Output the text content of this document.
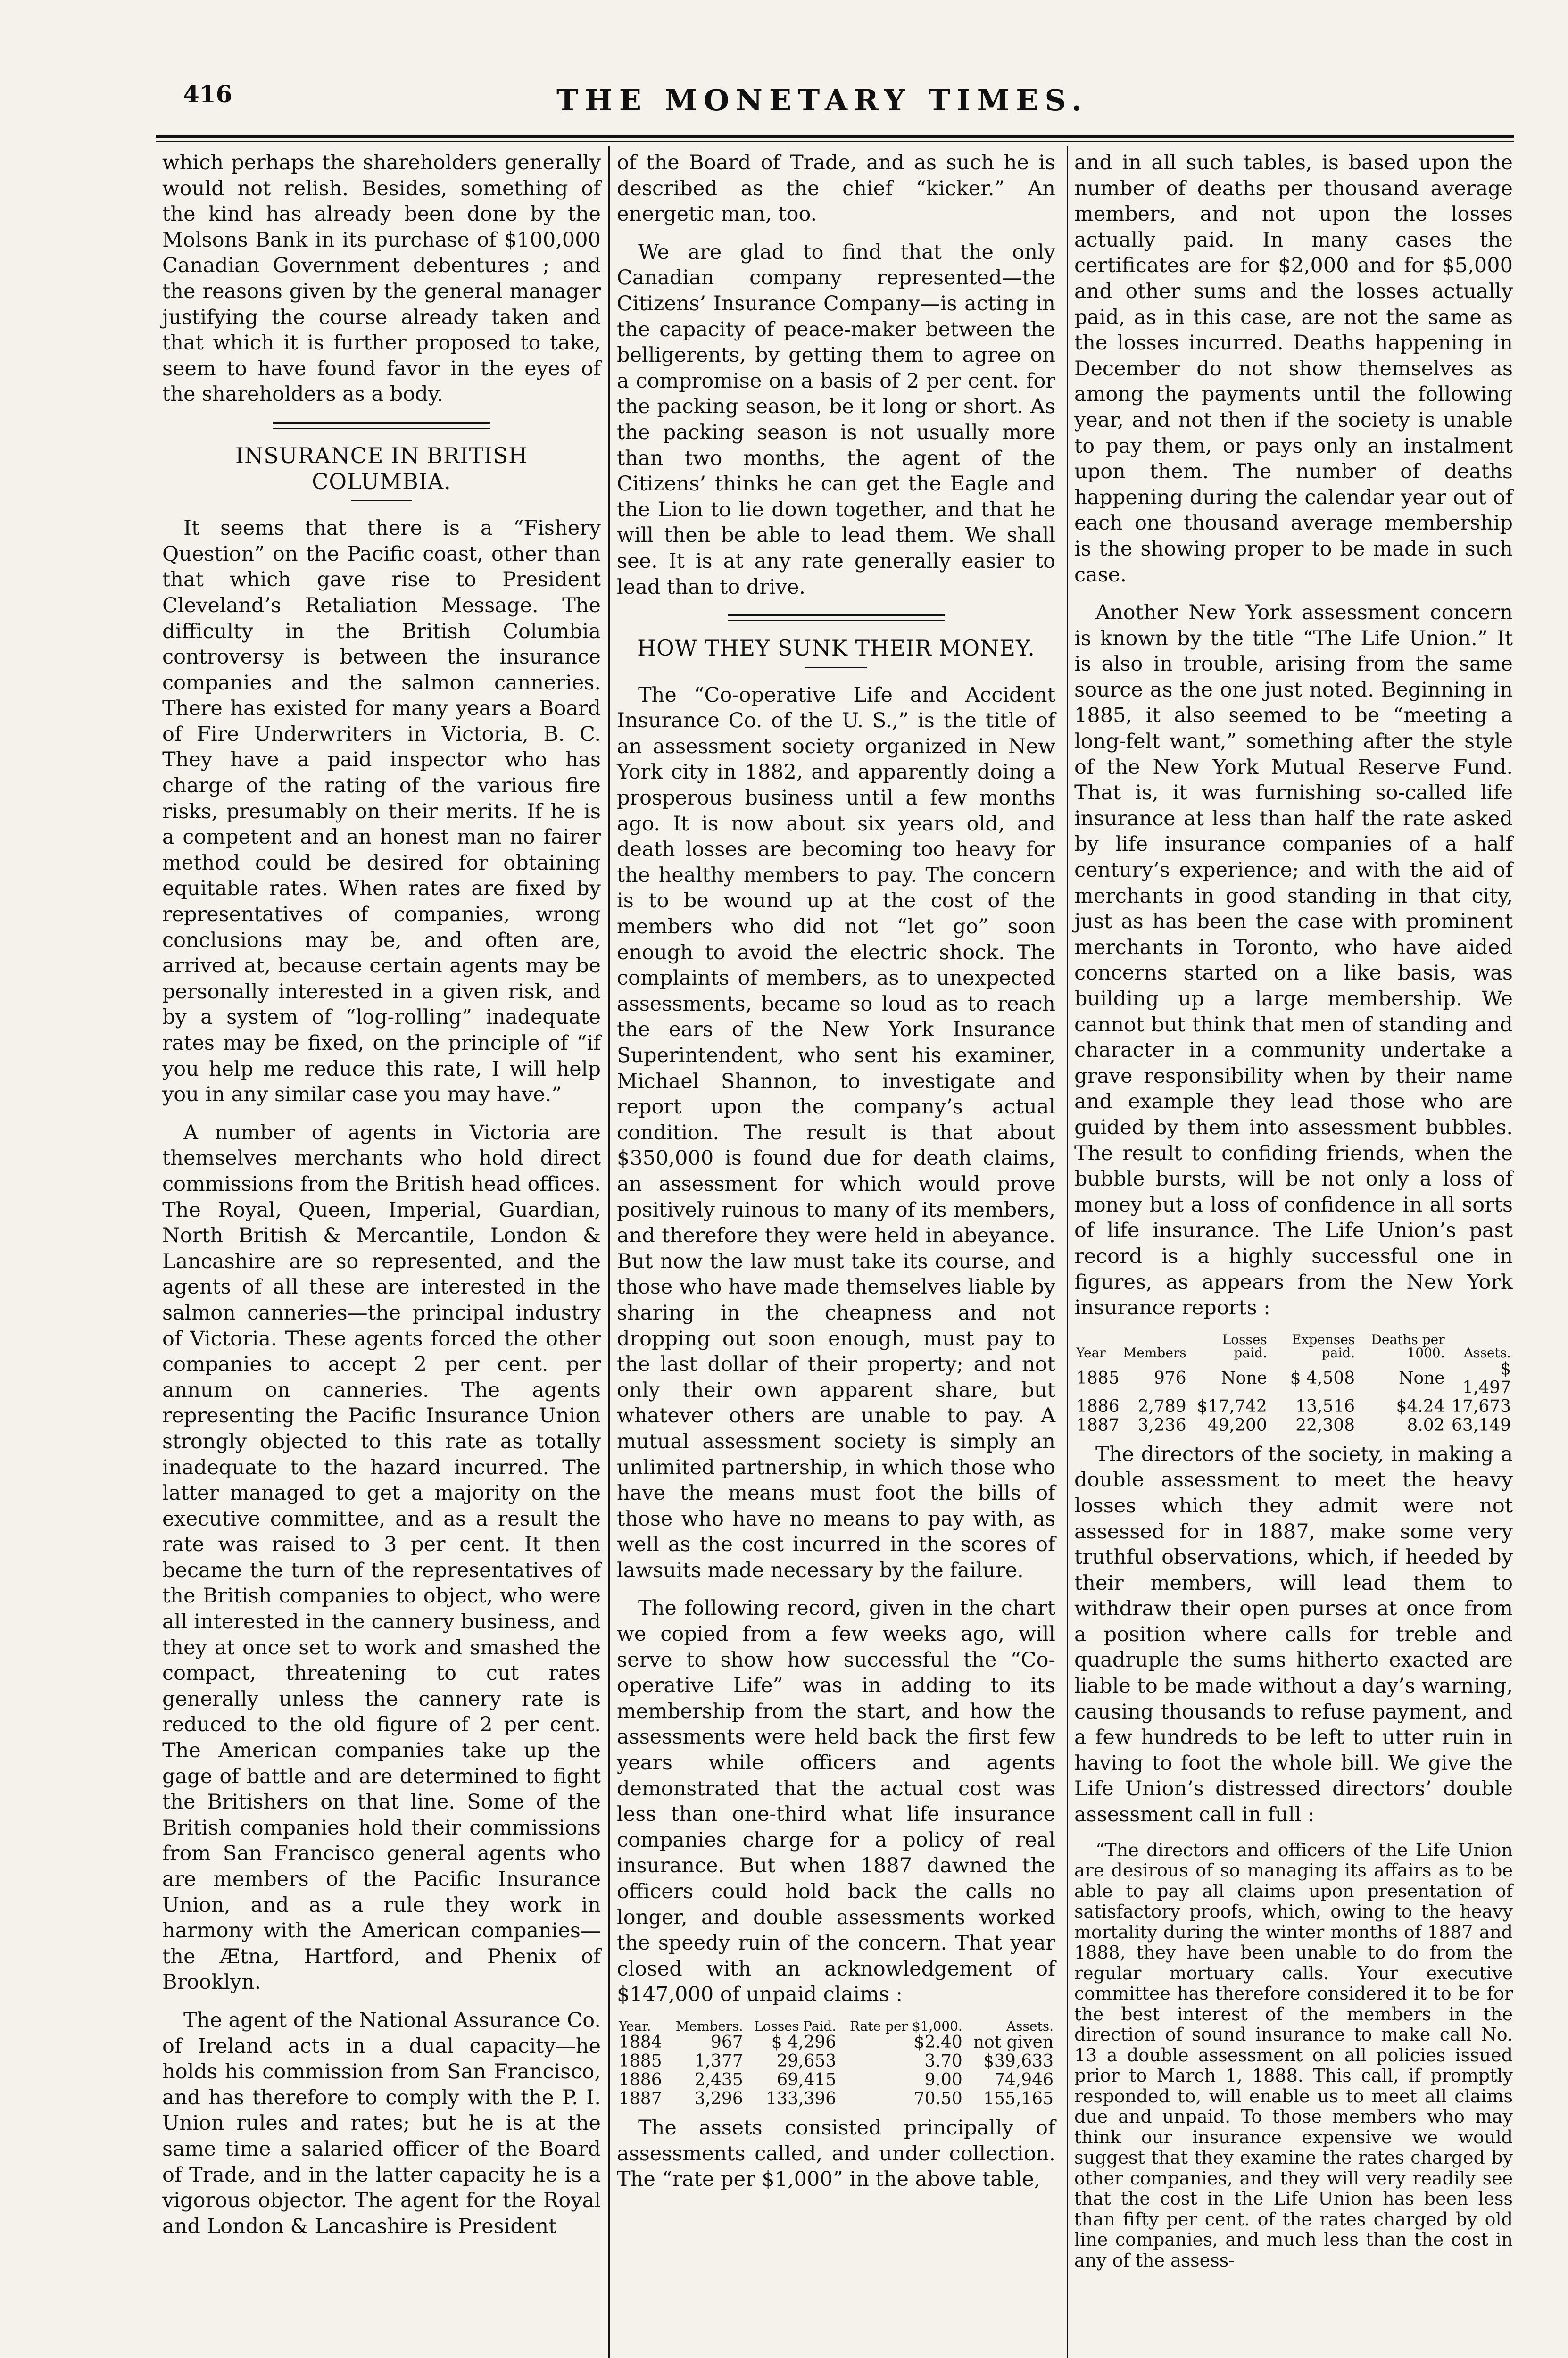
416	THE MONETARY TIMES.

which perhaps the shareholders generally would not relish. Besides, something of the kind has already been done by the Molsons Bank in its purchase of $100,000 Canadian Government debentures ; and the reasons given by the general manager justifying the course already taken and that which it is further proposed to take, seem to have found favor in the eyes of the shareholders as a body.

INSURANCE IN BRITISH COLUMBIA.

It seems that there is a “Fishery Question” on the Pacific coast, other than that which gave rise to President Cleveland’s Retaliation Message. The difficulty in the British Columbia controversy is between the insurance companies and the salmon canneries. There has existed for many years a Board of Fire Underwriters in Victoria, B. C. They have a paid inspector who has charge of the rating of the various fire risks, presumably on their merits. If he is a competent and an honest man no fairer method could be desired for obtaining equitable rates. When rates are fixed by representatives of companies, wrong conclusions may be, and often are, arrived at, because certain agents may be personally interested in a given risk, and by a system of “log-rolling” inadequate rates may be fixed, on the principle of “if you help me reduce this rate, I will help you in any similar case you may have.”

A number of agents in Victoria are themselves merchants who hold direct commissions from the British head offices. The Royal, Queen, Imperial, Guardian, North British & Mercantile, London & Lancashire are so represented, and the agents of all these are interested in the salmon canneries—the principal industry of Victoria. These agents forced the other companies to accept 2 per cent. per annum on canneries. The agents representing the Pacific Insurance Union strongly objected to this rate as totally inadequate to the hazard incurred. The latter managed to get a majority on the executive committee, and as a result the rate was raised to 3 per cent. It then became the turn of the representatives of the British companies to object, who were all interested in the cannery business, and they at once set to work and smashed the compact, threatening to cut rates generally unless the cannery rate is reduced to the old figure of 2 per cent. The American companies take up the gage of battle and are determined to fight the Britishers on that line. Some of the British companies hold their commissions from San Francisco general agents who are members of the Pacific Insurance Union, and as a rule they work in harmony with the American companies—the Ætna, Hartford, and Phenix of Brooklyn.

The agent of the National Assurance Co. of Ireland acts in a dual capacity—he holds his commission from San Francisco, and has therefore to comply with the P. I. Union rules and rates; but he is at the same time a salaried officer of the Board of Trade, and in the latter capacity he is a vigorous objector. The agent for the Royal and London & Lancashire is President

of the Board of Trade, and as such he is described as the chief “kicker.” An energetic man, too.

We are glad to find that the only Canadian company represented—the Citizens’ Insurance Company—is acting in the capacity of peace-maker between the belligerents, by getting them to agree on a compromise on a basis of 2 per cent. for the packing season, be it long or short. As the packing season is not usually more than two months, the agent of the Citizens’ thinks he can get the Eagle and the Lion to lie down together, and that he will then be able to lead them. We shall see. It is at any rate generally easier to lead than to drive.

HOW THEY SUNK THEIR MONEY.

The “Co-operative Life and Accident Insurance Co. of the U. S.,” is the title of an assessment society organized in New York city in 1882, and apparently doing a prosperous business until a few months ago. It is now about six years old, and death losses are becoming too heavy for the healthy members to pay. The concern is to be wound up at the cost of the members who did not “let go” soon enough to avoid the electric shock. The complaints of members, as to unexpected assessments, became so loud as to reach the ears of the New York Insurance Superintendent, who sent his examiner, Michael Shannon, to investigate and report upon the company’s actual condition. The result is that about $350,000 is found due for death claims, an assessment for which would prove positively ruinous to many of its members, and therefore they were held in abeyance. But now the law must take its course, and those who have made themselves liable by sharing in the cheapness and not dropping out soon enough, must pay to the last dollar of their property; and not only their own apparent share, but whatever others are unable to pay. A mutual assessment society is simply an unlimited partnership, in which those who have the means must foot the bills of those who have no means to pay with, as well as the cost incurred in the scores of lawsuits made necessary by the failure.

The following record, given in the chart we copied from a few weeks ago, will serve to show how successful the “Co-operative Life” was in adding to its membership from the start, and how the assessments were held back the first few years while officers and agents demonstrated that the actual cost was less than one-third what life insurance companies charge for a policy of real insurance. But when 1887 dawned the officers could hold back the calls no longer, and double assessments worked the speedy ruin of the concern. That year closed with an acknowledgement of $147,000 of unpaid claims :

Year.	Members.	Losses Paid.	Rate per $1,000.	Assets.
1884	967	$ 4,296	$2.40	not given
1885	1,377	29,653	3.70	$39,633
1886	2,435	69,415	9.00	74,946
1887	3,296	133,396	70.50	155,165

The assets consisted principally of assessments called, and under collection. The “rate per $1,000” in the above table,

and in all such tables, is based upon the number of deaths per thousand average members, and not upon the losses actually paid. In many cases the certificates are for $2,000 and for $5,000 and other sums and the losses actually paid, as in this case, are not the same as the losses incurred. Deaths happening in December do not show themselves as among the payments until the following year, and not then if the society is unable to pay them, or pays only an instalment upon them. The number of deaths happening during the calendar year out of each one thousand average membership is the showing proper to be made in such case.

Another New York assessment concern is known by the title “The Life Union.” It is also in trouble, arising from the same source as the one just noted. Beginning in 1885, it also seemed to be “meeting a long-felt want,” something after the style of the New York Mutual Reserve Fund. That is, it was furnishing so-called life insurance at less than half the rate asked by life insurance companies of a half century’s experience; and with the aid of merchants in good standing in that city, just as has been the case with prominent merchants in Toronto, who have aided concerns started on a like basis, was building up a large membership. We cannot but think that men of standing and character in a community undertake a grave responsibility when by their name and example they lead those who are guided by them into assessment bubbles. The result to confiding friends, when the bubble bursts, will be not only a loss of money but a loss of confidence in all sorts of life insurance. The Life Union’s past record is a highly successful one in figures, as appears from the New York insurance reports :

Year	Members	Losses paid.	Expenses paid.	Deaths per 1000.	Assets.
1885	976	None	$ 4,508	None	$ 1,497
1886	2,789	$17,742	13,516	$4.24	17,673
1887	3,236	49,200	22,308	8.02	63,149

The directors of the society, in making a double assessment to meet the heavy losses which they admit were not assessed for in 1887, make some very truthful observations, which, if heeded by their members, will lead them to withdraw their open purses at once from a position where calls for treble and quadruple the sums hitherto exacted are liable to be made without a day’s warning, causing thousands to refuse payment, and a few hundreds to be left to utter ruin in having to foot the whole bill. We give the Life Union’s distressed directors’ double assessment call in full :

“The directors and officers of the Life Union are desirous of so managing its affairs as to be able to pay all claims upon presentation of satisfactory proofs, which, owing to the heavy mortality during the winter months of 1887 and 1888, they have been unable to do from the regular mortuary calls. Your executive committee has therefore considered it to be for the best interest of the members in the direction of sound insurance to make call No. 13 a double assessment on all policies issued prior to March 1, 1888. This call, if promptly responded to, will enable us to meet all claims due and unpaid. To those members who may think our insurance expensive we would suggest that they examine the rates charged by other companies, and they will very readily see that the cost in the Life Union has been less than fifty per cent. of the rates charged by old line companies, and much less than the cost in any of the assess-
